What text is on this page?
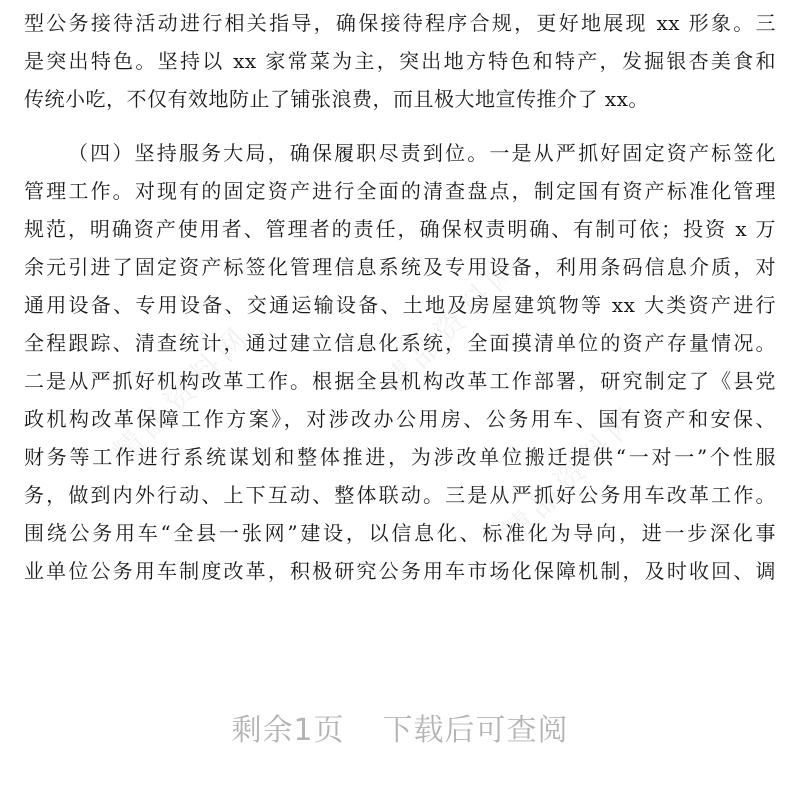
精品资料网	精品资料网
精品资料网
型公务接待活动进行相关指导，确保接待程序合规，更好地展现 xx 形象。三
是突出特色。坚持以 xx 家常菜为主，突出地方特色和特产，发掘银杏美食和
传统小吃，不仅有效地防止了铺张浪费，而且极大地宣传推介了 xx。
（四）坚持服务大局，确保履职尽责到位。一是从严抓好固定资产标签化
管理工作。对现有的固定资产进行全面的清查盘点，制定国有资产标准化管理
规范，明确资产使用者、管理者的责任，确保权责明确、有制可依；投资 x 万
余元引进了固定资产标签化管理信息系统及专用设备，利用条码信息介质，对
通用设备、专用设备、交通运输设备、土地及房屋建筑物等 xx 大类资产进行
全程跟踪、清查统计，通过建立信息化系统，全面摸清单位的资产存量情况。
二是从严抓好机构改革工作。根据全县机构改革工作部署，研究制定了《县党
政机构改革保障工作方案》，对涉改办公用房、公务用车、国有资产和安保、
财务等工作进行系统谋划和整体推进，为涉改单位搬迁提供“一对一”个性服
务，做到内外行动、上下互动、整体联动。三是从严抓好公务用车改革工作。
围绕公务用车“全县一张网”建设，以信息化、标准化为导向，进一步深化事
业单位公务用车制度改革，积极研究公务用车市场化保障机制，及时收回、调
剩余1页 下载后可查阅
